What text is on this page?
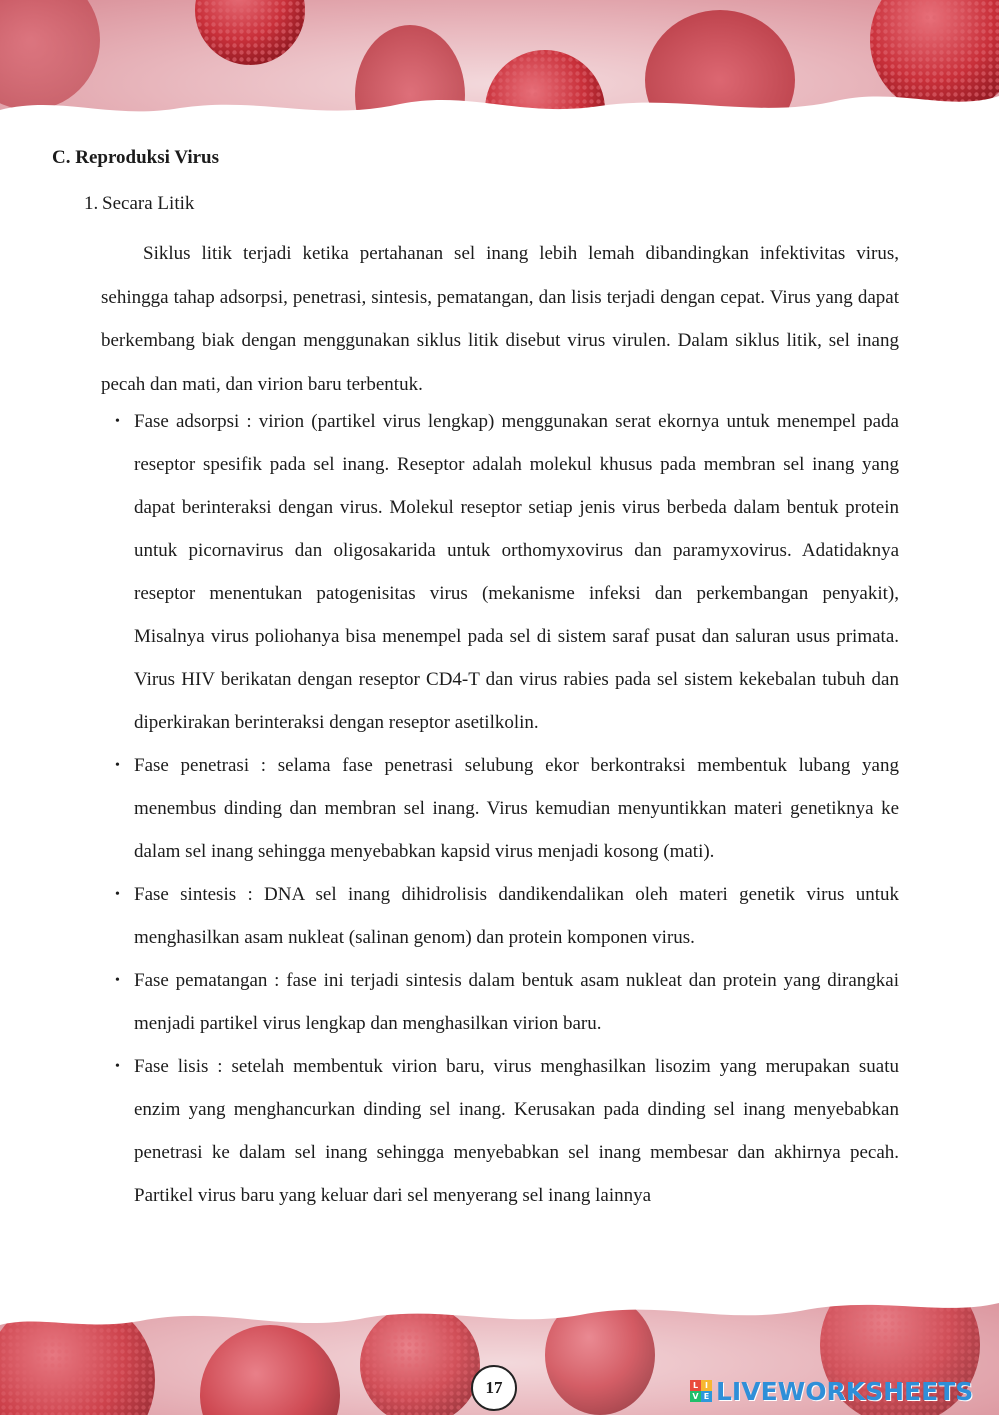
C. Reproduksi Virus
1. Secara Litik

Siklus litik terjadi ketika pertahanan sel inang lebih lemah dibandingkan infektivitas virus, sehingga tahap adsorpsi, penetrasi, sintesis, pematangan, dan lisis terjadi dengan cepat. Virus yang dapat berkembang biak dengan menggunakan siklus litik disebut virus virulen. Dalam siklus litik, sel inang pecah dan mati, dan virion baru terbentuk.

• Fase adsorpsi : virion (partikel virus lengkap) menggunakan serat ekornya untuk menempel pada reseptor spesifik pada sel inang. Reseptor adalah molekul khusus pada membran sel inang yang dapat berinteraksi dengan virus. Molekul reseptor setiap jenis virus berbeda dalam bentuk protein untuk picornavirus dan oligosakarida untuk orthomyxovirus dan paramyxovirus. Adatidaknya reseptor menentukan patogenisitas virus (mekanisme infeksi dan perkembangan penyakit), Misalnya virus poliohanya bisa menempel pada sel di sistem saraf pusat dan saluran usus primata. Virus HIV berikatan dengan reseptor CD4-T dan virus rabies pada sel sistem kekebalan tubuh dan diperkirakan berinteraksi dengan reseptor asetilkolin.
• Fase penetrasi : selama fase penetrasi selubung ekor berkontraksi membentuk lubang yang menembus dinding dan membran sel inang. Virus kemudian menyuntikkan materi genetiknya ke dalam sel inang sehingga menyebabkan kapsid virus menjadi kosong (mati).
• Fase sintesis : DNA sel inang dihidrolisis dandikendalikan oleh materi genetik virus untuk menghasilkan asam nukleat (salinan genom) dan protein komponen virus.
• Fase pematangan : fase ini terjadi sintesis dalam bentuk asam nukleat dan protein yang dirangkai menjadi partikel virus lengkap dan menghasilkan virion baru.
• Fase lisis : setelah membentuk virion baru, virus menghasilkan lisozim yang merupakan suatu enzim yang menghancurkan dinding sel inang. Kerusakan pada dinding sel inang menyebabkan penetrasi ke dalam sel inang sehingga menyebabkan sel inang membesar dan akhirnya pecah. Partikel virus baru yang keluar dari sel menyerang sel inang lainnya
17	L I
V E LIVEWORKSHEETS
